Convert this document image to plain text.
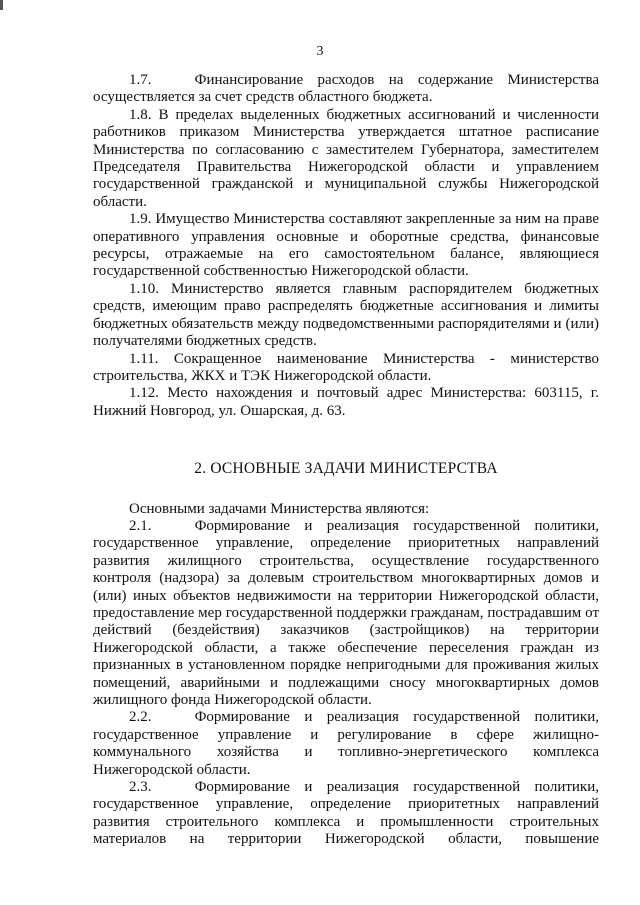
3

1.7.   Финансирование расходов на содержание Министерства осуществляется за счет средств областного бюджета.

1.8. В пределах выделенных бюджетных ассигнований и численности работников приказом Министерства утверждается штатное расписание Министерства по согласованию с заместителем Губернатора, заместителем Председателя Правительства Нижегородской области и управлением государственной гражданской и муниципальной службы Нижегородской области.

1.9. Имущество Министерства составляют закрепленные за ним на праве оперативного управления основные и оборотные средства, финансовые ресурсы, отражаемые на его самостоятельном балансе, являющиеся государственной собственностью Нижегородской области.

1.10. Министерство является главным распорядителем бюджетных средств, имеющим право распределять бюджетные ассигнования и лимиты бюджетных обязательств между подведомственными распорядителями и (или) получателями бюджетных средств.

1.11. Сокращенное наименование Министерства - министерство строительства, ЖКХ и ТЭК Нижегородской области.

1.12. Место нахождения и почтовый адрес Министерства: 603115, г. Нижний Новгород, ул. Ошарская, д. 63.

2. ОСНОВНЫЕ ЗАДАЧИ МИНИСТЕРСТВА

Основными задачами Министерства являются:

2.1.   Формирование и реализация государственной политики, государственное управление, определение приоритетных направлений развития жилищного строительства, осуществление государственного контроля (надзора) за долевым строительством многоквартирных домов и (или) иных объектов недвижимости на территории Нижегородской области, предоставление мер государственной поддержки гражданам, пострадавшим от действий (бездействия) заказчиков (застройщиков) на территории Нижегородской области, а также обеспечение переселения граждан из признанных в установленном порядке непригодными для проживания жилых помещений, аварийными и подлежащими сносу многоквартирных домов жилищного фонда Нижегородской области.

2.2.   Формирование и реализация государственной политики, государственное управление и регулирование в сфере жилищно-коммунального хозяйства и топливно-энергетического комплекса Нижегородской области.

2.3.   Формирование и реализация государственной политики, государственное управление, определение приоритетных направлений развития строительного комплекса и промышленности строительных материалов на территории Нижегородской области, повышение
